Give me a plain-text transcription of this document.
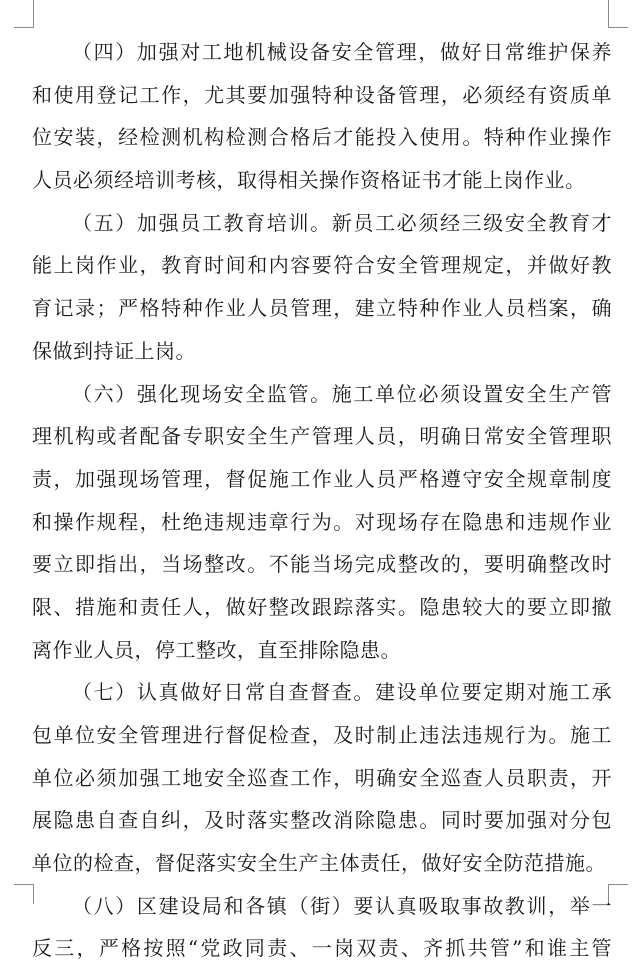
（四）加强对工地机械设备安全管理，做好日常维护保养
和使用登记工作，尤其要加强特种设备管理，必须经有资质单
位安装，经检测机构检测合格后才能投入使用。特种作业操作
人员必须经培训考核，取得相关操作资格证书才能上岗作业。
（五）加强员工教育培训。新员工必须经三级安全教育才
能上岗作业，教育时间和内容要符合安全管理规定，并做好教
育记录；严格特种作业人员管理，建立特种作业人员档案，确
保做到持证上岗。
（六）强化现场安全监管。施工单位必须设置安全生产管
理机构或者配备专职安全生产管理人员，明确日常安全管理职
责，加强现场管理，督促施工作业人员严格遵守安全规章制度
和操作规程，杜绝违规违章行为。对现场存在隐患和违规作业
要立即指出，当场整改。不能当场完成整改的，要明确整改时
限、措施和责任人，做好整改跟踪落实。隐患较大的要立即撤
离作业人员，停工整改，直至排除隐患。
（七）认真做好日常自查督查。建设单位要定期对施工承
包单位安全管理进行督促检查，及时制止违法违规行为。施工
单位必须加强工地安全巡查工作，明确安全巡查人员职责，开
展隐患自查自纠，及时落实整改消除隐患。同时要加强对分包
单位的检查，督促落实安全生产主体责任，做好安全防范措施。
（八）区建设局和各镇（街）要认真吸取事故教训，举一
反三，严格按照“党政同责、一岗双责、齐抓共管”和谁主管
